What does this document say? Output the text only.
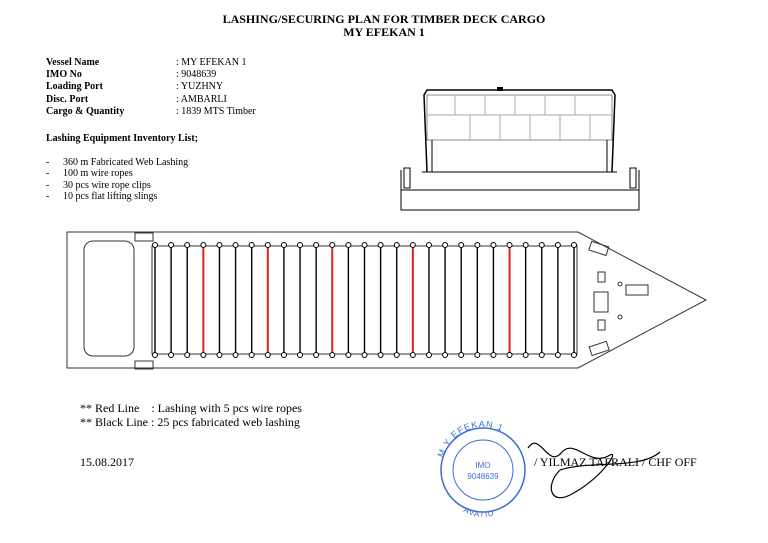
LASHING/SECURING PLAN FOR TIMBER DECK CARGO
MY EFEKAN 1
Vessel Name	: MY EFEKAN 1
IMO No	: 9048639
Loading Port	: YUZHNY
Disc. Port	: AMBARLI
Cargo & Quantity	: 1839 MTS Timber
Lashing Equipment Inventory List;
-	360 m Fabricated Web Lashing
-	100 m wire ropes
-	30 pcs wire rope clips
-	10 pcs flat lifting slings
M Y EFEKAN 1
AVATIU
IMO
9048639
** Red Line    : Lashing with 5 pcs wire ropes
** Black Line : 25 pcs fabricated web lashing
15.08.2017	/ YILMAZ TAFRALI / CHF OFF
